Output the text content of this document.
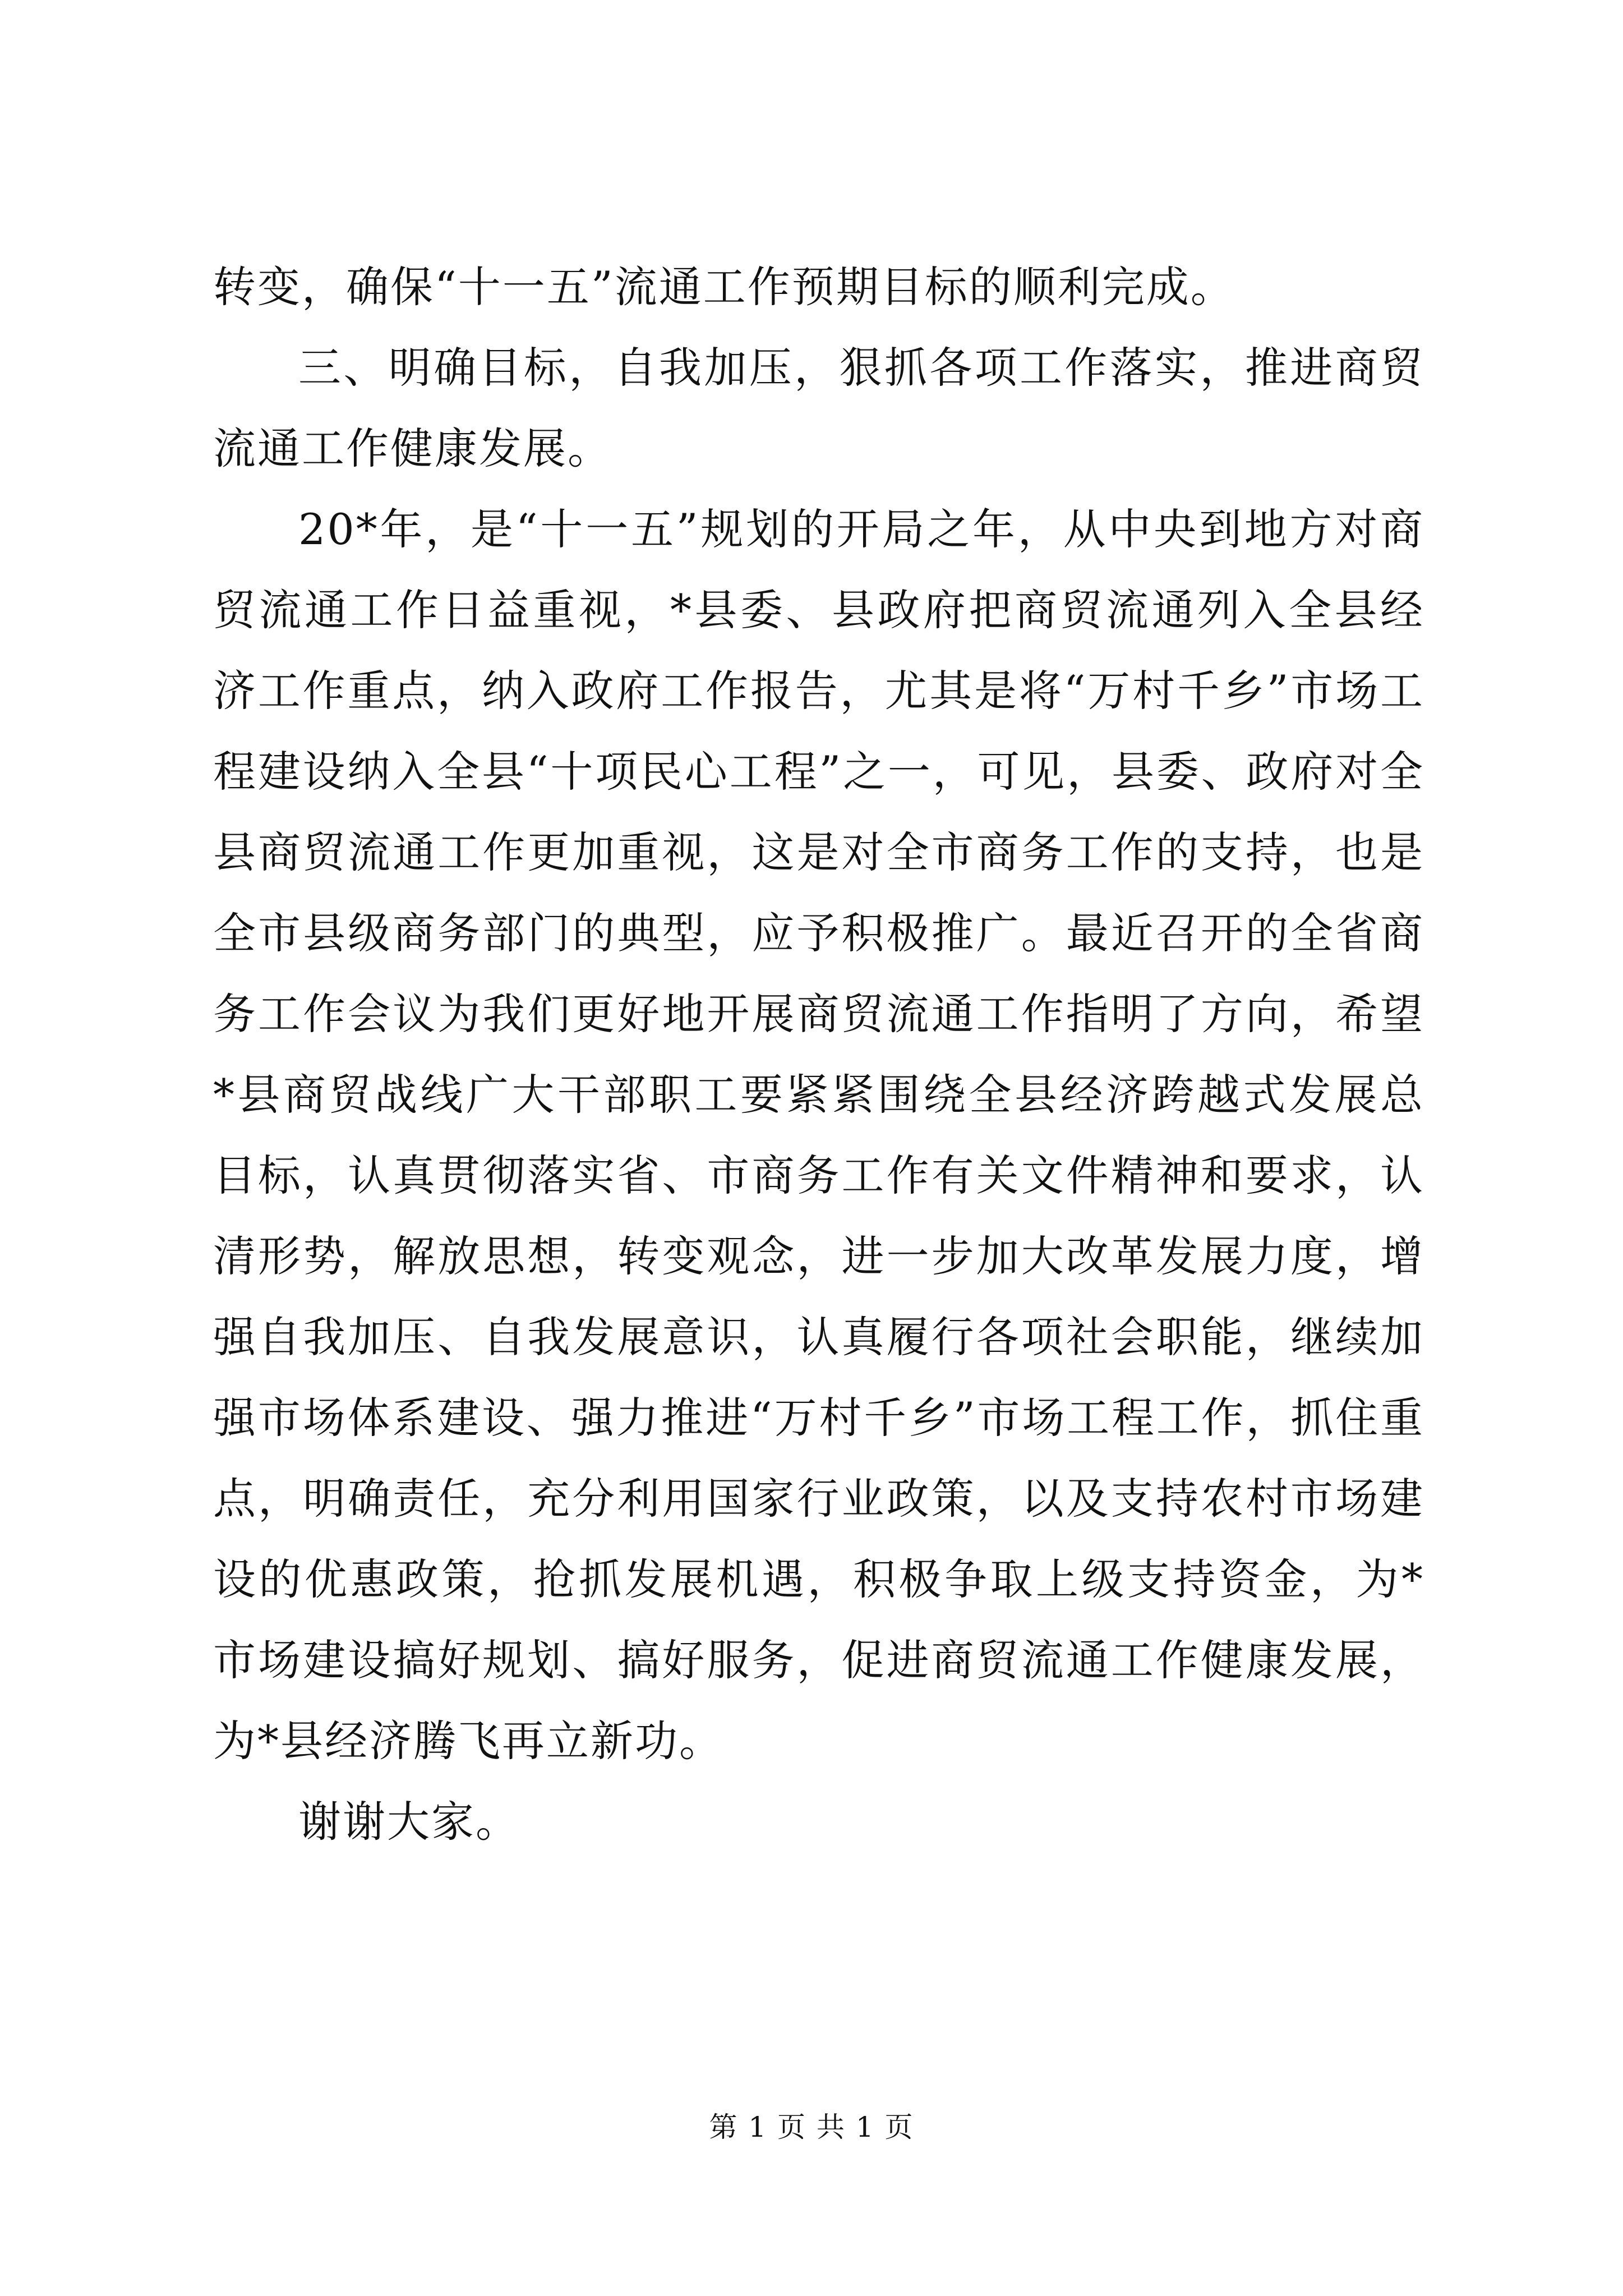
转变，确保“十一五”流通工作预期目标的顺利完成。

三、明确目标，自我加压，狠抓各项工作落实，推进商贸流通工作健康发展。

20*年，是“十一五”规划的开局之年，从中央到地方对商贸流通工作日益重视，*县委、县政府把商贸流通列入全县经济工作重点，纳入政府工作报告，尤其是将“万村千乡”市场工程建设纳入全县“十项民心工程”之一，可见，县委、政府对全县商贸流通工作更加重视，这是对全市商务工作的支持，也是全市县级商务部门的典型，应予积极推广。最近召开的全省商务工作会议为我们更好地开展商贸流通工作指明了方向，希望*县商贸战线广大干部职工要紧紧围绕全县经济跨越式发展总目标，认真贯彻落实省、市商务工作有关文件精神和要求，认清形势，解放思想，转变观念，进一步加大改革发展力度，增强自我加压、自我发展意识，认真履行各项社会职能，继续加强市场体系建设、强力推进“万村千乡”市场工程工作，抓住重点，明确责任，充分利用国家行业政策，以及支持农村市场建设的优惠政策，抢抓发展机遇，积极争取上级支持资金，为*市场建设搞好规划、搞好服务，促进商贸流通工作健康发展，为*县经济腾飞再立新功。

谢谢大家。

第 1 页 共 1 页
